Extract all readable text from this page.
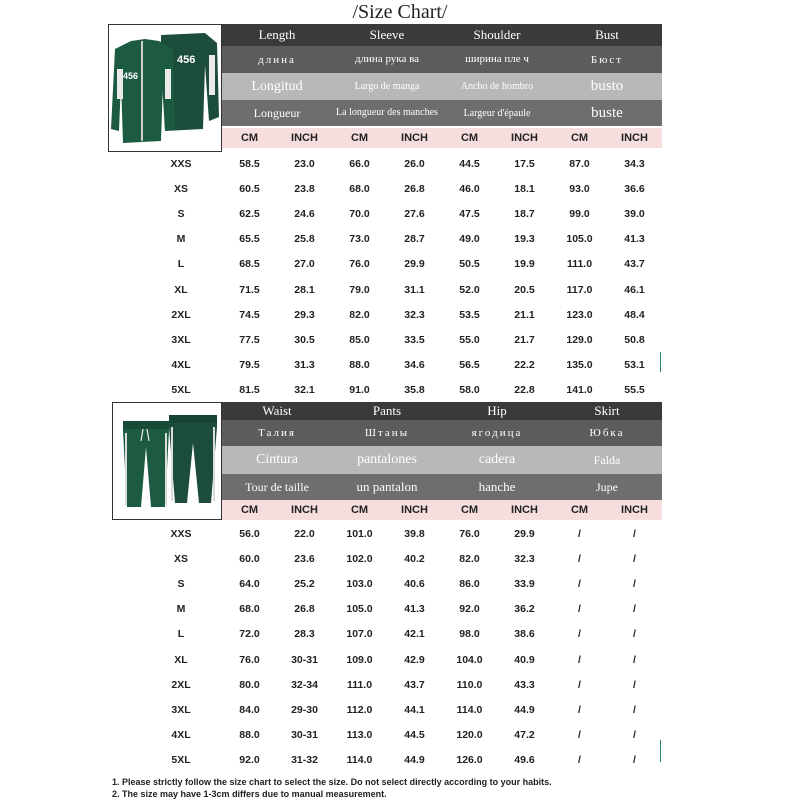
/Size Chart/
456
456
Length	Sleeve	Shoulder	Bust
длина	длина рука ва	ширина пле ч	Бюст
Longitud	Largo de manga	Ancho de hombro	busto
Longueur	La longueur des manches	Largeur d'épaule	buste
CM	INCH	CM	INCH	CM	INCH	CM	INCH
XXS	58.5	23.0	66.0	26.0	44.5	17.5	87.0	34.3
XS	60.5	23.8	68.0	26.8	46.0	18.1	93.0	36.6
S	62.5	24.6	70.0	27.6	47.5	18.7	99.0	39.0
M	65.5	25.8	73.0	28.7	49.0	19.3	105.0	41.3
L	68.5	27.0	76.0	29.9	50.5	19.9	111.0	43.7
XL	71.5	28.1	79.0	31.1	52.0	20.5	117.0	46.1
2XL	74.5	29.3	82.0	32.3	53.5	21.1	123.0	48.4
3XL	77.5	30.5	85.0	33.5	55.0	21.7	129.0	50.8
4XL	79.5	31.3	88.0	34.6	56.5	22.2	135.0	53.1
5XL	81.5	32.1	91.0	35.8	58.0	22.8	141.0	55.5
Waist	Pants	Hip	Skirt
Талия	Штаны	ягодица	Юбка
Cintura	pantalones	cadera	Falda
Tour de taille	un pantalon	hanche	Jupe
CM	INCH	CM	INCH	CM	INCH	CM	INCH
XXS	56.0	22.0	101.0	39.8	76.0	29.9	/	/
XS	60.0	23.6	102.0	40.2	82.0	32.3	/	/
S	64.0	25.2	103.0	40.6	86.0	33.9	/	/
M	68.0	26.8	105.0	41.3	92.0	36.2	/	/
L	72.0	28.3	107.0	42.1	98.0	38.6	/	/
XL	76.0	30-31	109.0	42.9	104.0	40.9	/	/
2XL	80.0	32-34	111.0	43.7	110.0	43.3	/	/
3XL	84.0	29-30	112.0	44.1	114.0	44.9	/	/
4XL	88.0	30-31	113.0	44.5	120.0	47.2	/	/
5XL	92.0	31-32	114.0	44.9	126.0	49.6	/	/
1. Please strictly follow the size chart to select the size. Do not select directly according to your habits.
2. The size may have 1-3cm differs due to manual measurement.
